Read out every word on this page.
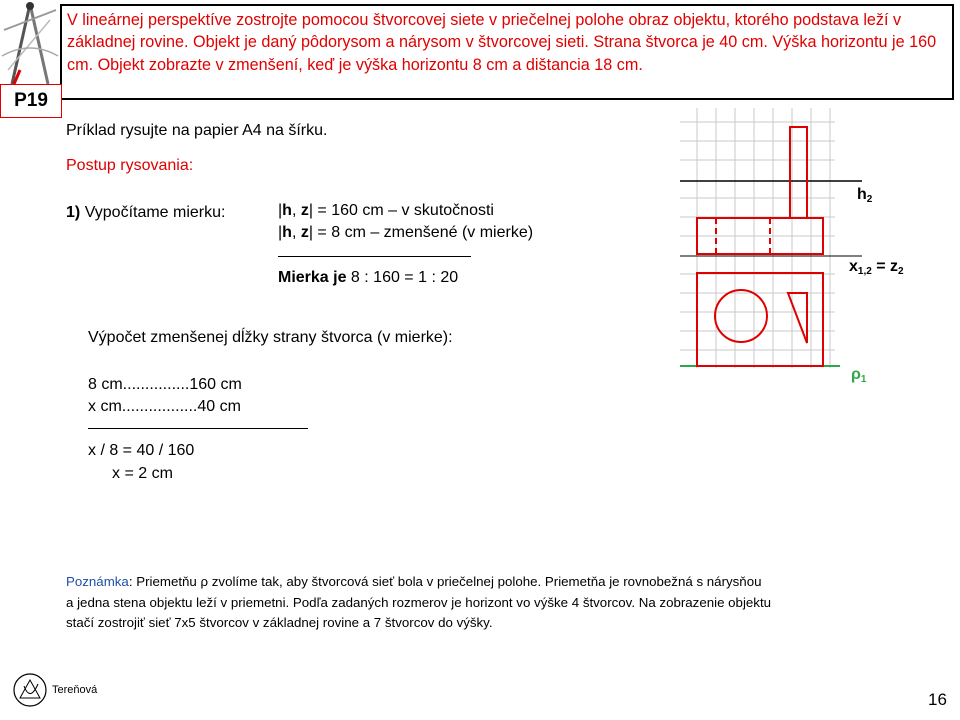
V lineárnej perspektíve zostrojte pomocou štvorcovej siete v priečelnej polohe obraz objektu, ktorého podstava leží v základnej rovine. Objekt je daný pôdorysom a nárysom v štvorcovej sieti. Strana štvorca je 40 cm. Výška horizontu je 160 cm. Objekt zobrazte v zmenšení, keď je výška horizontu 8 cm a dištancia 18 cm.
P19
Príklad rysujte na papier A4 na šírku.
Postup rysovania:
1) Vypočítame mierku:	|h, z| = 160 cm – v skutočnosti
|h, z| = 8 cm – zmenšené (v mierke)
Mierka je 8 : 160 = 1 : 20
Výpočet zmenšenej dĺžky strany štvorca (v mierke):
8 cm...............160 cm
x cm.................40 cm
x / 8 = 40 / 160
x = 2 cm
$h_2$
$x_{1,2} = z_2$
$\rho_1$
Poznámka: Priemetňu ρ zvolíme tak, aby štvorcová sieť bola v priečelnej polohe. Priemetňa je rovnobežná s nárysňou
a jedna stena objektu leží v priemetni. Podľa zadaných rozmerov je horizont vo výške 4 štvorcov. Na zobrazenie objektu
stačí zostrojiť sieť 7x5 štvorcov v základnej rovine a 7 štvorcov do výšky.
Tereňová	16
